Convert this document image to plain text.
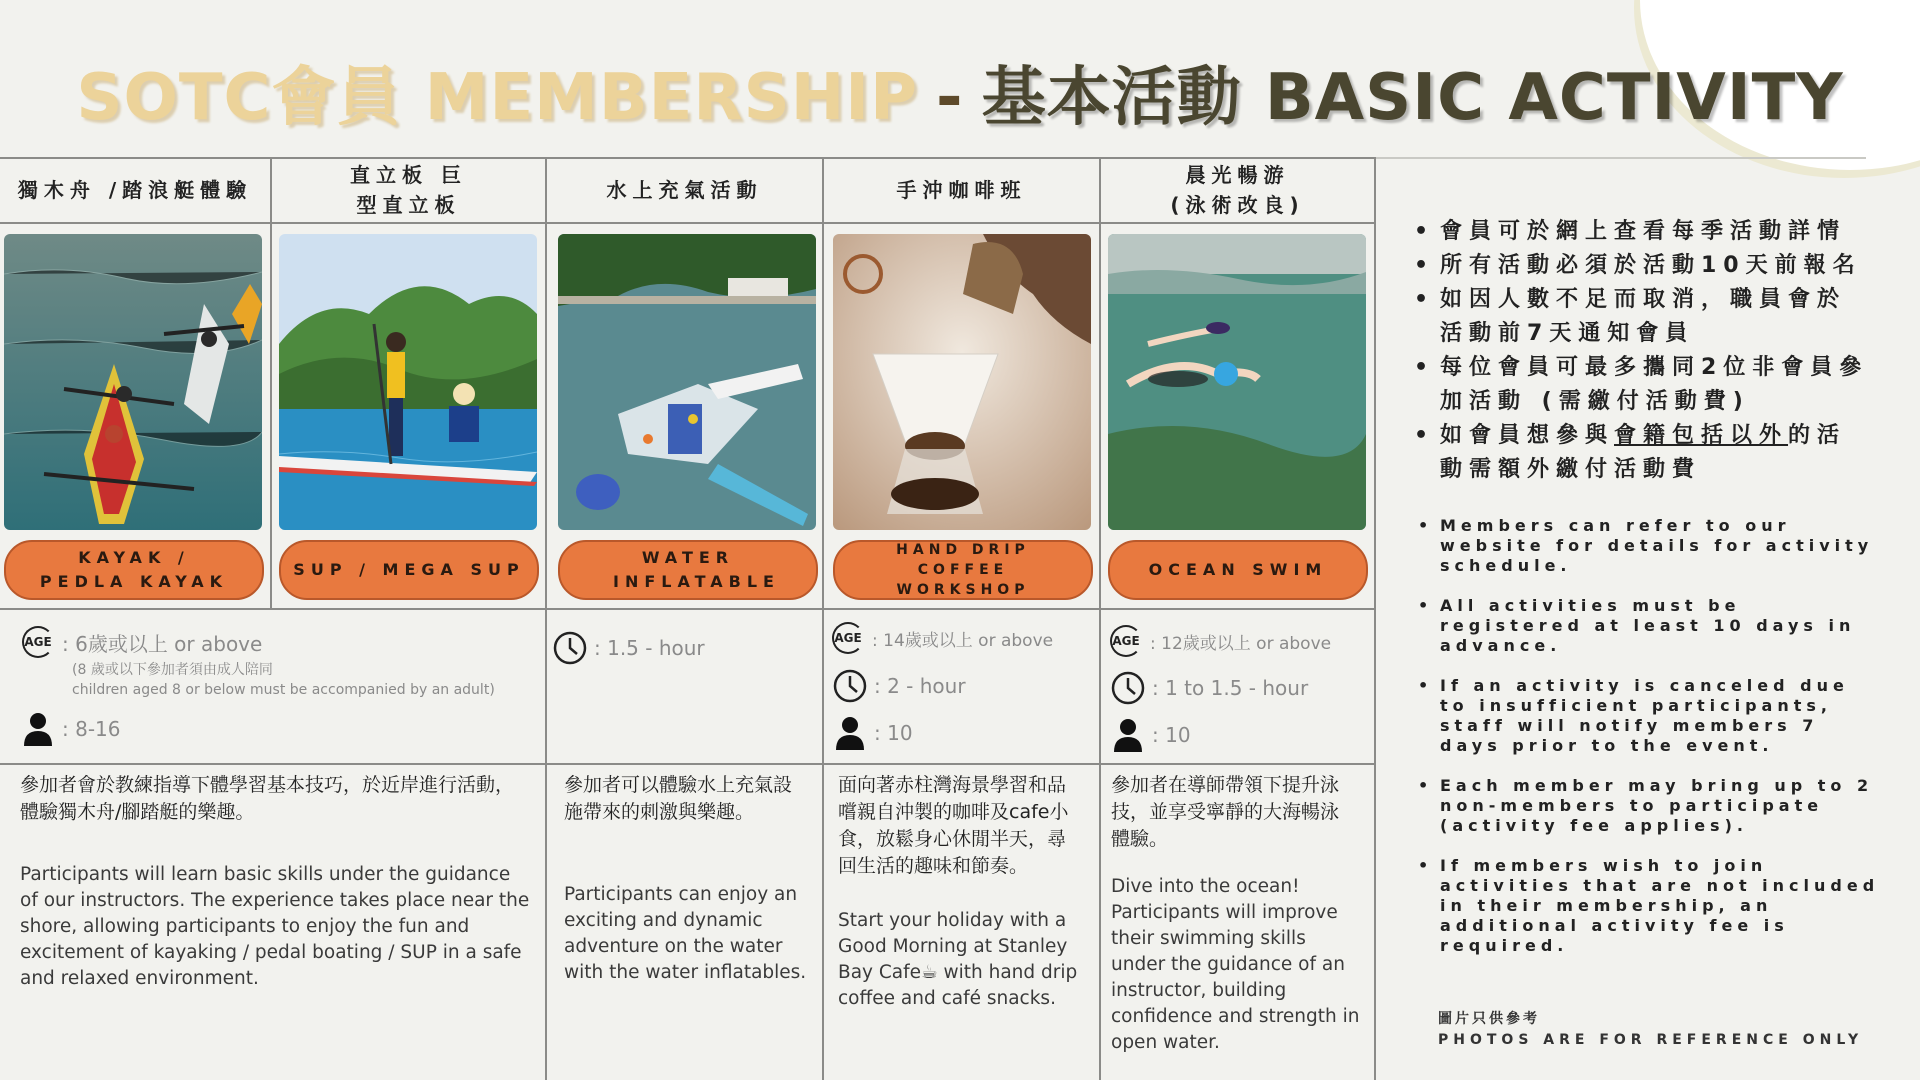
SOTC會員 MEMBERSHIP - 基本活動 BASIC ACTIVITY
獨木舟 /踏浪艇體驗
直立板 巨型直立板
水上充氣活動	手沖咖啡班
晨光暢游 (泳術改良)
KAYAK / PEDLA KAYAK
SUP / MEGA SUP
WATER INFLATABLE
HAND DRIP COFFEE WORKSHOP
OCEAN SWIM
AGE : 6歲或以上 or above
(8 歲或以下參加者須由成人陪同
children aged 8 or below must be accompanied by an adult)
: 8-16
: 1.5 - hour	AGE : 14歲或以上 or above
: 2 - hour
: 10
AGE : 12歲或以上 or above
: 1 to 1.5 - hour
: 10
參加者會於教練指導下體學習基本技巧，於近岸進行活動，體驗獨木舟/腳踏艇的樂趣。
Participants will learn basic skills under the guidance of our instructors. The experience takes place near the shore, allowing participants to enjoy the fun and excitement of kayaking / pedal boating / SUP in a safe and relaxed environment.
參加者可以體驗水上充氣設施帶來的刺激與樂趣。
Participants can enjoy an exciting and dynamic adventure on the water with the water inflatables.
面向著赤柱灣海景學習和品嚐親自沖製的咖啡及cafe小食，放鬆身心休閒半天，尋回生活的趣味和節奏。
Start your holiday with a Good Morning at Stanley Bay Cafe☕ with hand drip coffee and café snacks.
參加者在導師帶領下提升泳技，並享受寧靜的大海暢泳體驗。
Dive into the ocean! Participants will improve their swimming skills under the guidance of an instructor, building confidence and strength in open water.
• 會員可於網上查看每季活動詳情
• 所有活動必須於活動10天前報名
• 如因人數不足而取消，職員會於活動前7天通知會員
• 每位會員可最多攜同2位非會員參加活動 (需繳付活動費)
• 如會員想參與會籍包括以外的活動需額外繳付活動費
• Members can refer to our website for details for activity schedule.
• All activities must be registered at least 10 days in advance.
• If an activity is canceled due to insufficient participants, staff will notify members 7 days prior to the event.
• Each member may bring up to 2 non-members to participate (activity fee applies).
• If members wish to join activities that are not included in their membership, an additional activity fee is required.
圖片只供參考
PHOTOS ARE FOR REFERENCE ONLY
